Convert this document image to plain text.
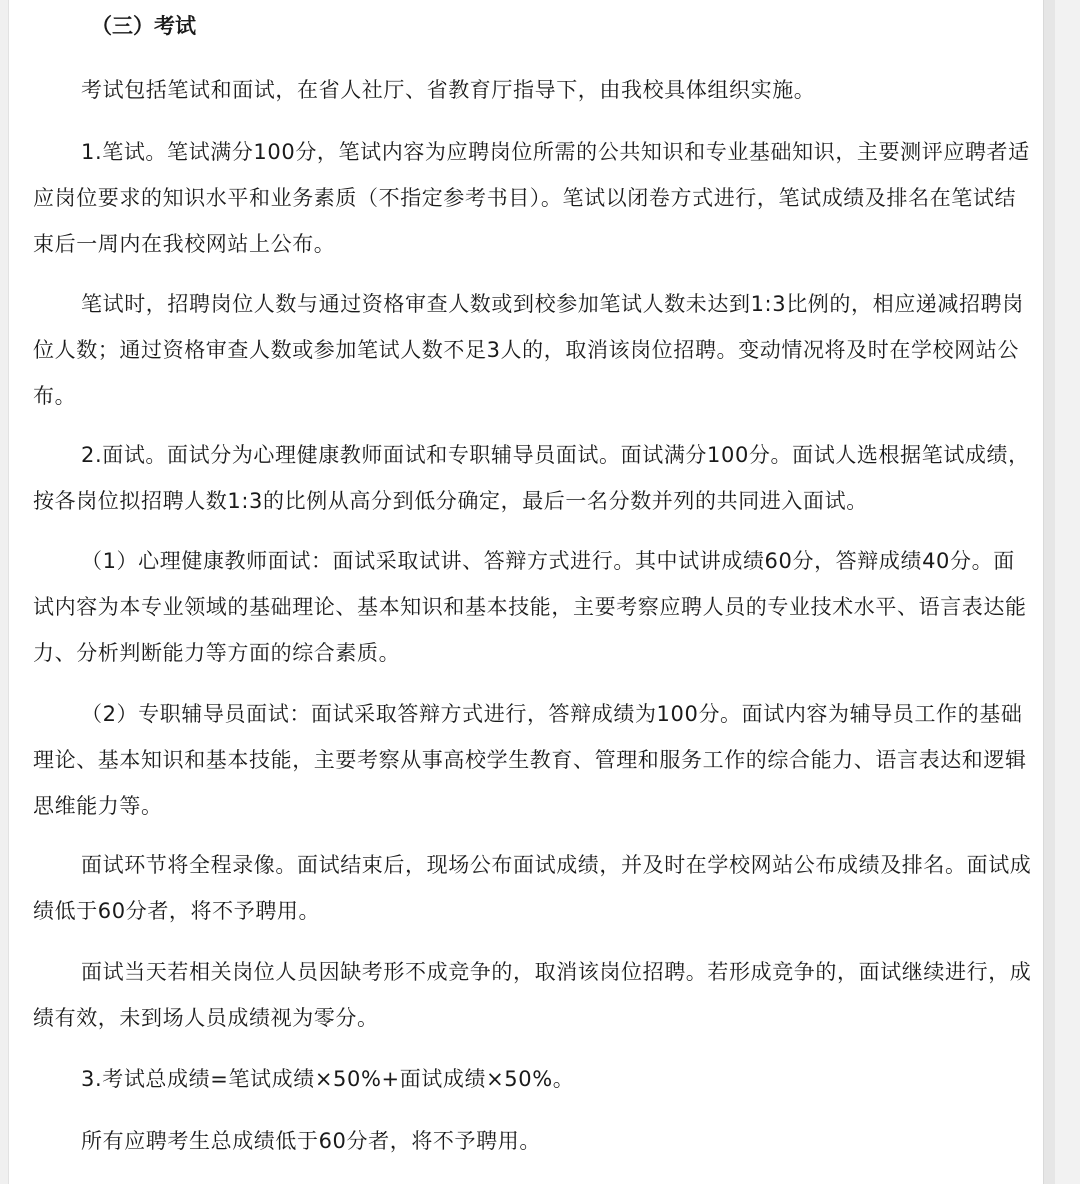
（三）考试

考试包括笔试和面试，在省人社厅、省教育厅指导下，由我校具体组织实施。

1.笔试。笔试满分100分，笔试内容为应聘岗位所需的公共知识和专业基础知识，主要测评应聘者适应岗位要求的知识水平和业务素质（不指定参考书目）。笔试以闭卷方式进行，笔试成绩及排名在笔试结束后一周内在我校网站上公布。

笔试时，招聘岗位人数与通过资格审查人数或到校参加笔试人数未达到1:3比例的，相应递减招聘岗位人数；通过资格审查人数或参加笔试人数不足3人的，取消该岗位招聘。变动情况将及时在学校网站公布。

2.面试。面试分为心理健康教师面试和专职辅导员面试。面试满分100分。面试人选根据笔试成绩，按各岗位拟招聘人数1:3的比例从高分到低分确定，最后一名分数并列的共同进入面试。

（1）心理健康教师面试：面试采取试讲、答辩方式进行。其中试讲成绩60分，答辩成绩40分。面试内容为本专业领域的基础理论、基本知识和基本技能，主要考察应聘人员的专业技术水平、语言表达能力、分析判断能力等方面的综合素质。

（2）专职辅导员面试：面试采取答辩方式进行，答辩成绩为100分。面试内容为辅导员工作的基础理论、基本知识和基本技能，主要考察从事高校学生教育、管理和服务工作的综合能力、语言表达和逻辑思维能力等。

面试环节将全程录像。面试结束后，现场公布面试成绩，并及时在学校网站公布成绩及排名。面试成绩低于60分者，将不予聘用。

面试当天若相关岗位人员因缺考形不成竞争的，取消该岗位招聘。若形成竞争的，面试继续进行，成绩有效，未到场人员成绩视为零分。

3.考试总成绩=笔试成绩×50%+面试成绩×50%。

所有应聘考生总成绩低于60分者，将不予聘用。
